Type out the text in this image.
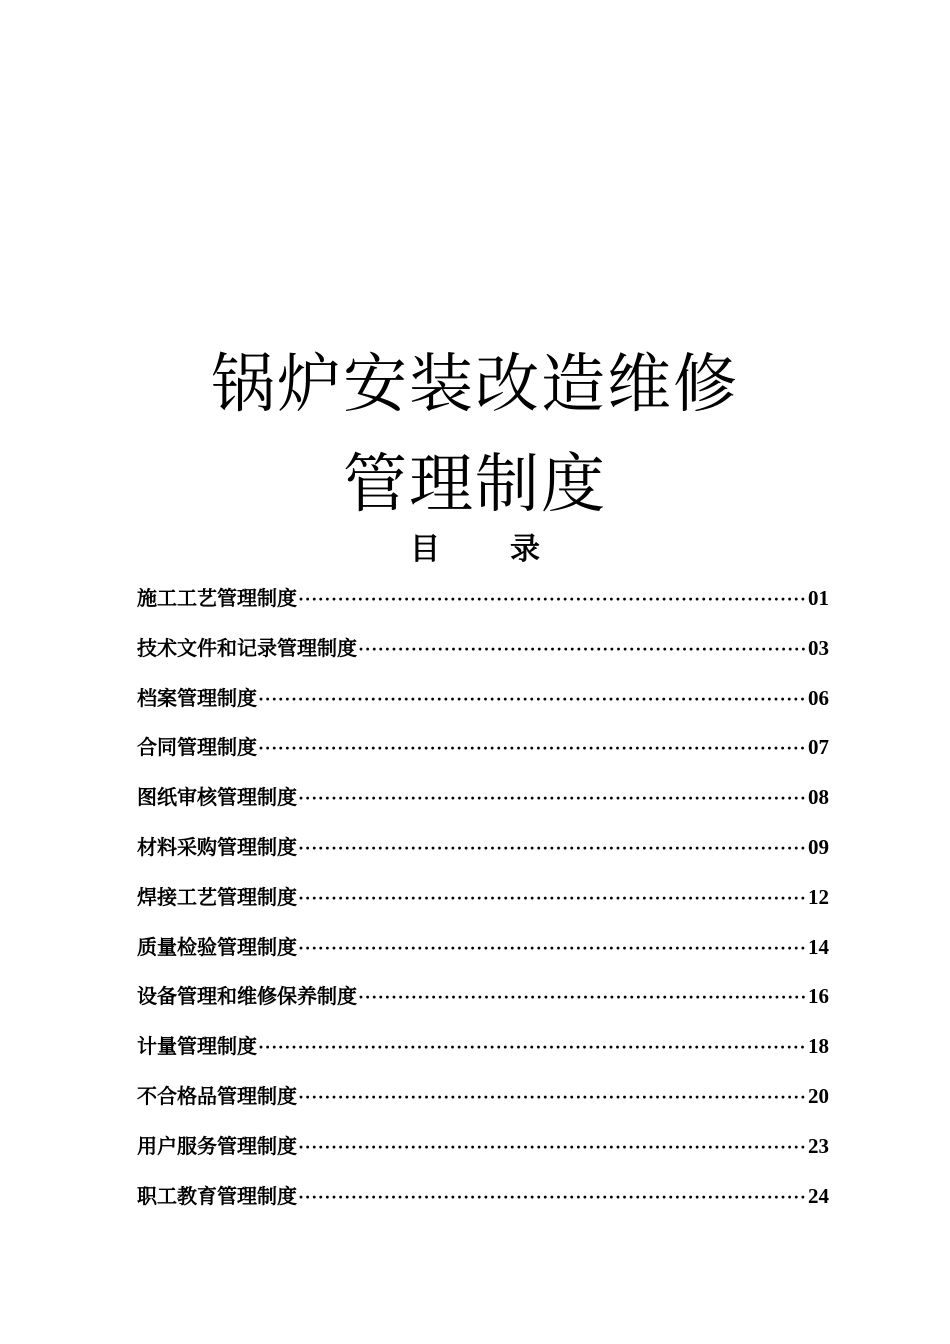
锅炉安装改造维修
管理制度
目 录
施工工艺管理制度 ·····	01
技术文件和记录管理制度 ·····	03
档案管理制度 ·····	06
合同管理制度 ·····	07
图纸审核管理制度 ·····	08
材料采购管理制度 ·····	09
焊接工艺管理制度 ·····	12
质量检验管理制度 ·····	14
设备管理和维修保养制度 ·····	16
计量管理制度 ·····	18
不合格品管理制度 ·····	20
用户服务管理制度 ·····	23
职工教育管理制度 ·····	24
